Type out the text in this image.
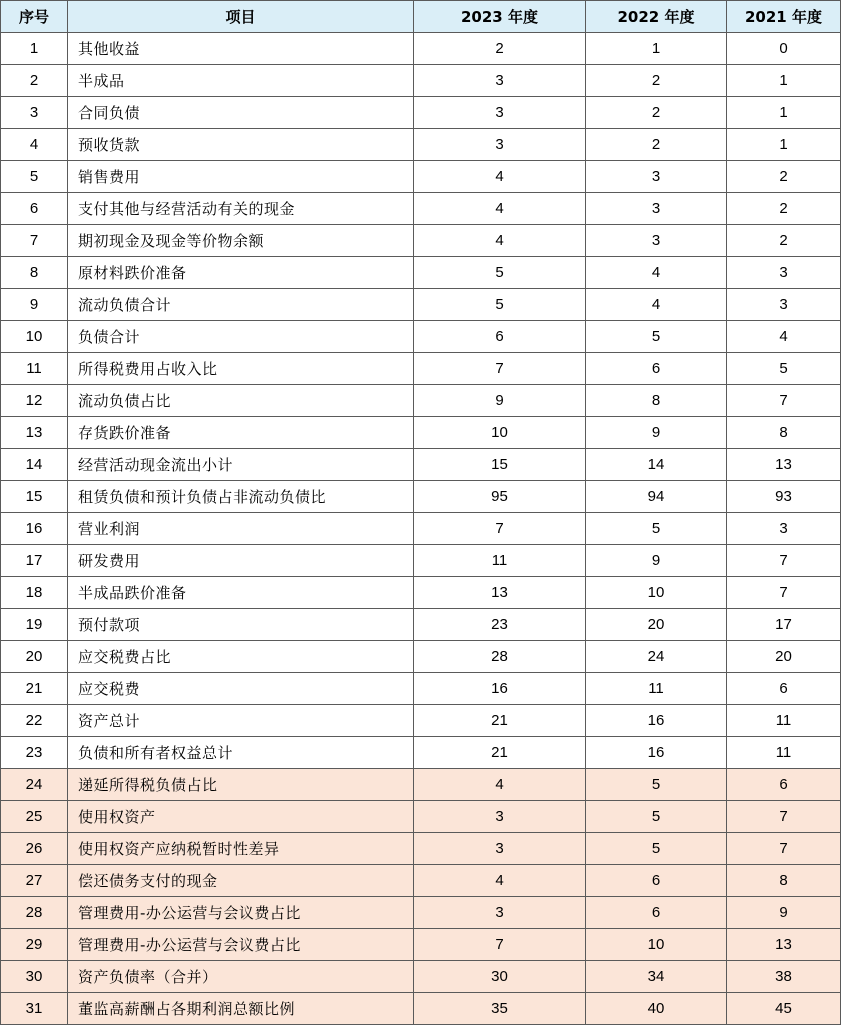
序号	项目	2023 年度	2022 年度	2021 年度
1	其他收益	2	1	0
2	半成品	3	2	1
3	合同负债	3	2	1
4	预收货款	3	2	1
5	销售费用	4	3	2
6	支付其他与经营活动有关的现金	4	3	2
7	期初现金及现金等价物余额	4	3	2
8	原材料跌价准备	5	4	3
9	流动负债合计	5	4	3
10	负债合计	6	5	4
11	所得税费用占收入比	7	6	5
12	流动负债占比	9	8	7
13	存货跌价准备	10	9	8
14	经营活动现金流出小计	15	14	13
15	租赁负债和预计负债占非流动负债比	95	94	93
16	营业利润	7	5	3
17	研发费用	11	9	7
18	半成品跌价准备	13	10	7
19	预付款项	23	20	17
20	应交税费占比	28	24	20
21	应交税费	16	11	6
22	资产总计	21	16	11
23	负债和所有者权益总计	21	16	11
24	递延所得税负债占比	4	5	6
25	使用权资产	3	5	7
26	使用权资产应纳税暂时性差异	3	5	7
27	偿还债务支付的现金	4	6	8
28	管理费用-办公运营与会议费占比	3	6	9
29	管理费用-办公运营与会议费占比	7	10	13
30	资产负债率（合并）	30	34	38
31	董监高薪酬占各期利润总额比例	35	40	45
